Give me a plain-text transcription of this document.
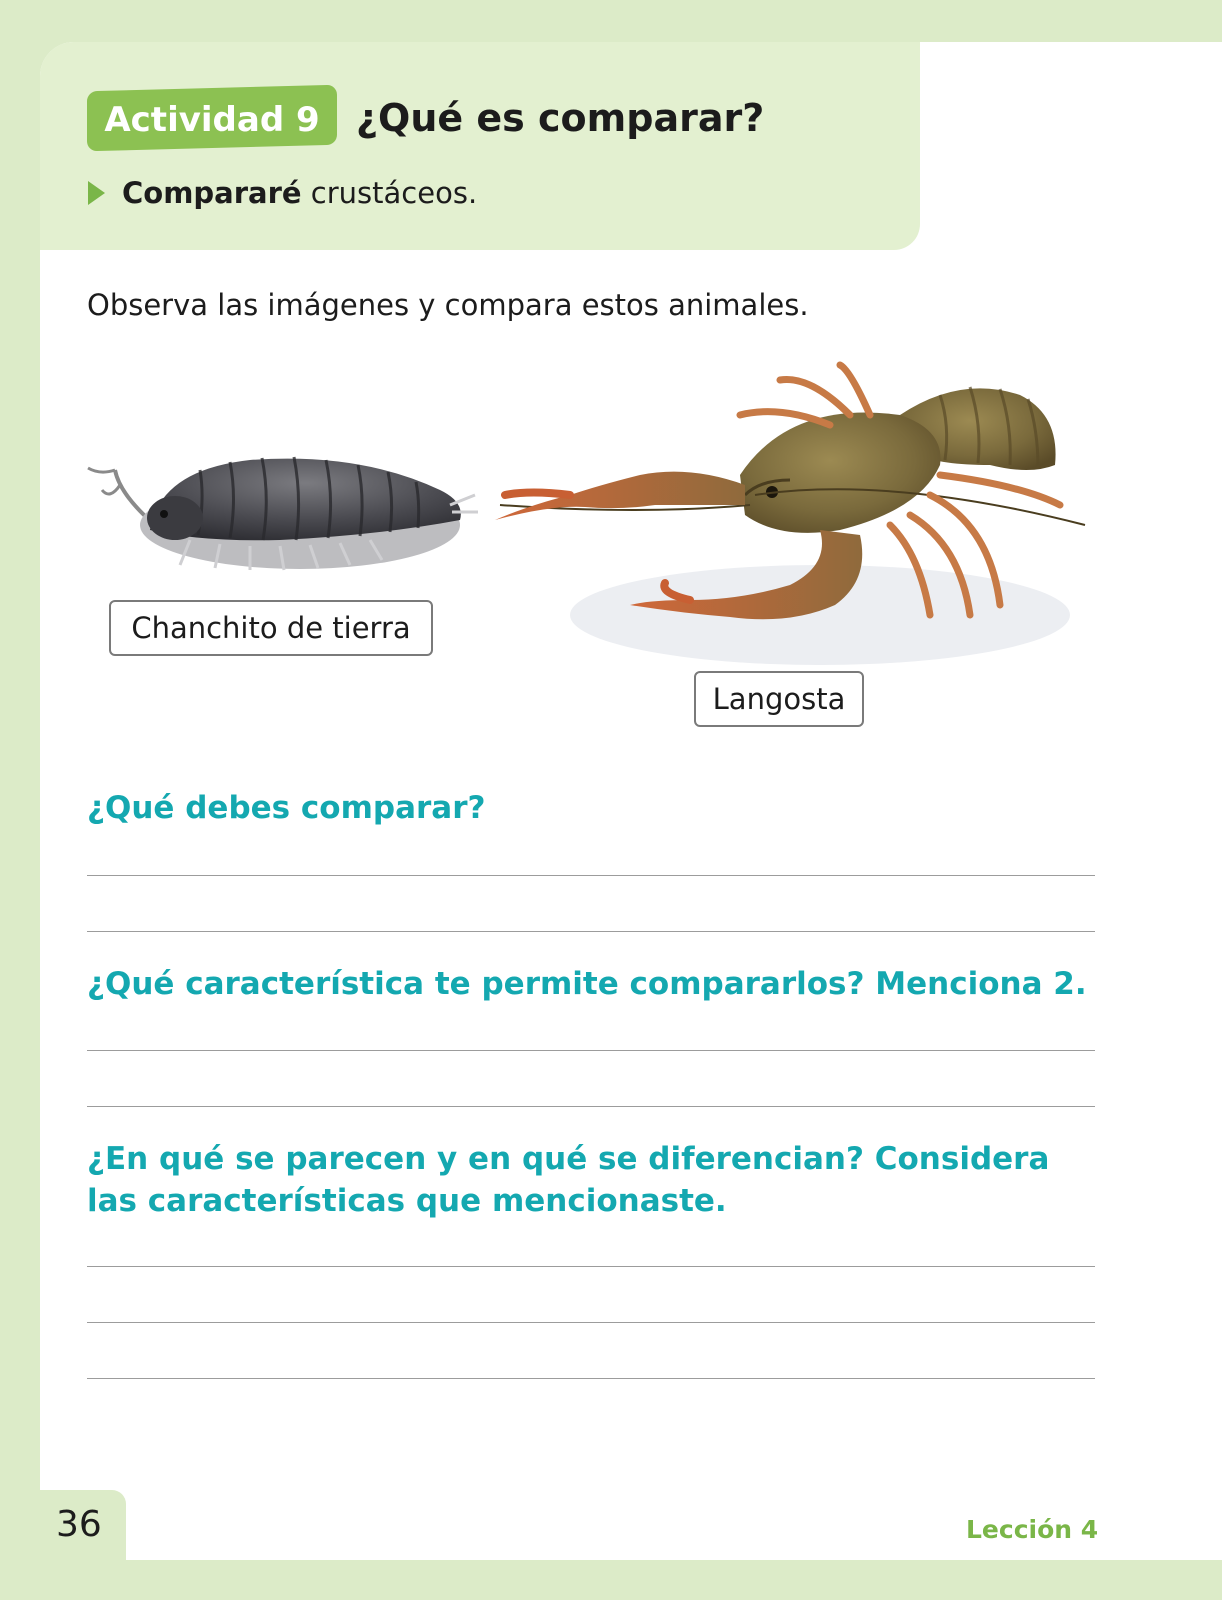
Actividad 9 ¿Qué es comparar?
Compararé crustáceos.
Observa las imágenes y compara estos animales.
Chanchito de tierra
Langosta
¿Qué debes comparar?
¿Qué característica te permite compararlos? Menciona 2.
¿En qué se parecen y en qué se diferencian? Considera las características que mencionaste.
36	Lección 4
